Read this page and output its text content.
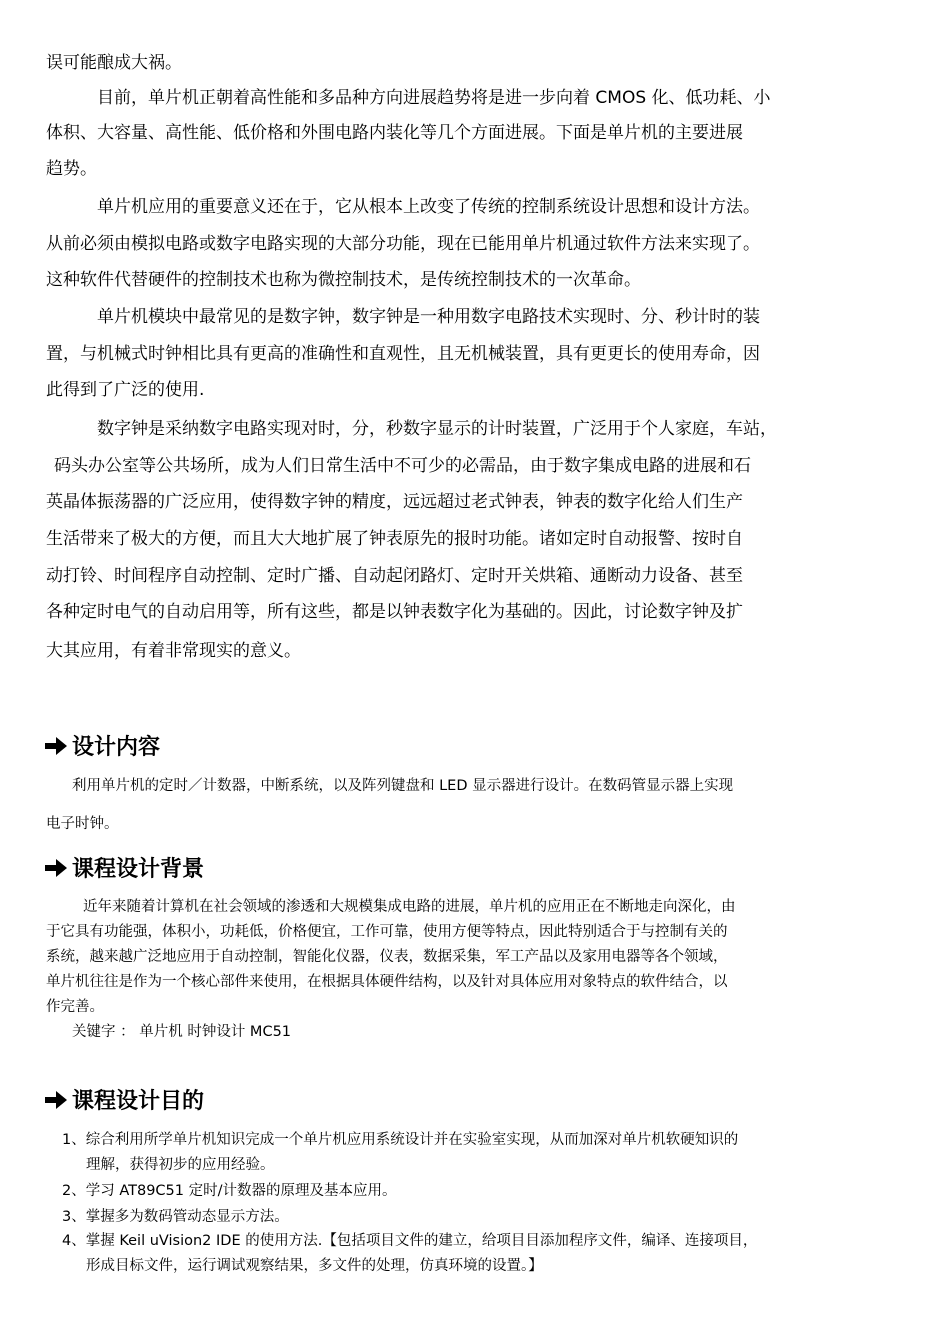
误可能酿成大祸。
目前，单片机正朝着高性能和多品种方向进展趋势将是进一步向着 CMOS 化、低功耗、小
体积、大容量、高性能、低价格和外围电路内装化等几个方面进展。下面是单片机的主要进展
趋势。
单片机应用的重要意义还在于，它从根本上改变了传统的控制系统设计思想和设计方法。
从前必须由模拟电路或数字电路实现的大部分功能，现在已能用单片机通过软件方法来实现了。
这种软件代替硬件的控制技术也称为微控制技术，是传统控制技术的一次革命。
单片机模块中最常见的是数字钟，数字钟是一种用数字电路技术实现时、分、秒计时的装
置，与机械式时钟相比具有更高的准确性和直观性，且无机械装置，具有更更长的使用寿命，因
此得到了广泛的使用.
数字钟是采纳数字电路实现对时，分，秒数字显示的计时装置，广泛用于个人家庭，车站，
码头办公室等公共场所，成为人们日常生活中不可少的必需品，由于数字集成电路的进展和石
英晶体振荡器的广泛应用，使得数字钟的精度，远远超过老式钟表，钟表的数字化给人们生产
生活带来了极大的方便，而且大大地扩展了钟表原先的报时功能。诸如定时自动报警、按时自
动打铃、时间程序自动控制、定时广播、自动起闭路灯、定时开关烘箱、通断动力设备、甚至
各种定时电气的自动启用等，所有这些，都是以钟表数字化为基础的。因此，讨论数字钟及扩
大其应用，有着非常现实的意义。
设计内容
利用单片机的定时／计数器，中断系统，以及阵列键盘和 LED 显示器进行设计。在数码管显示器上实现
电子时钟。
课程设计背景
近年来随着计算机在社会领域的渗透和大规模集成电路的进展，单片机的应用正在不断地走向深化，由
于它具有功能强，体积小，功耗低，价格便宜，工作可靠，使用方便等特点，因此特别适合于与控制有关的
系统，越来越广泛地应用于自动控制，智能化仪器，仪表，数据采集，军工产品以及家用电器等各个领域，
单片机往往是作为一个核心部件来使用，在根据具体硬件结构，以及针对具体应用对象特点的软件结合，以
作完善。
关键字 ： 单片机 时钟设计 MC51
课程设计目的
1、综合利用所学单片机知识完成一个单片机应用系统设计并在实验室实现，从而加深对单片机软硬知识的
理解，获得初步的应用经验。
2、学习 AT89C51 定时/计数器的原理及基本应用。
3、掌握多为数码管动态显示方法。
4、掌握 Keil uVision2 IDE 的使用方法.【包括项目文件的建立，给项目目添加程序文件，编译、连接项目，
形成目标文件，运行调试观察结果，多文件的处理，仿真环境的设置。】
